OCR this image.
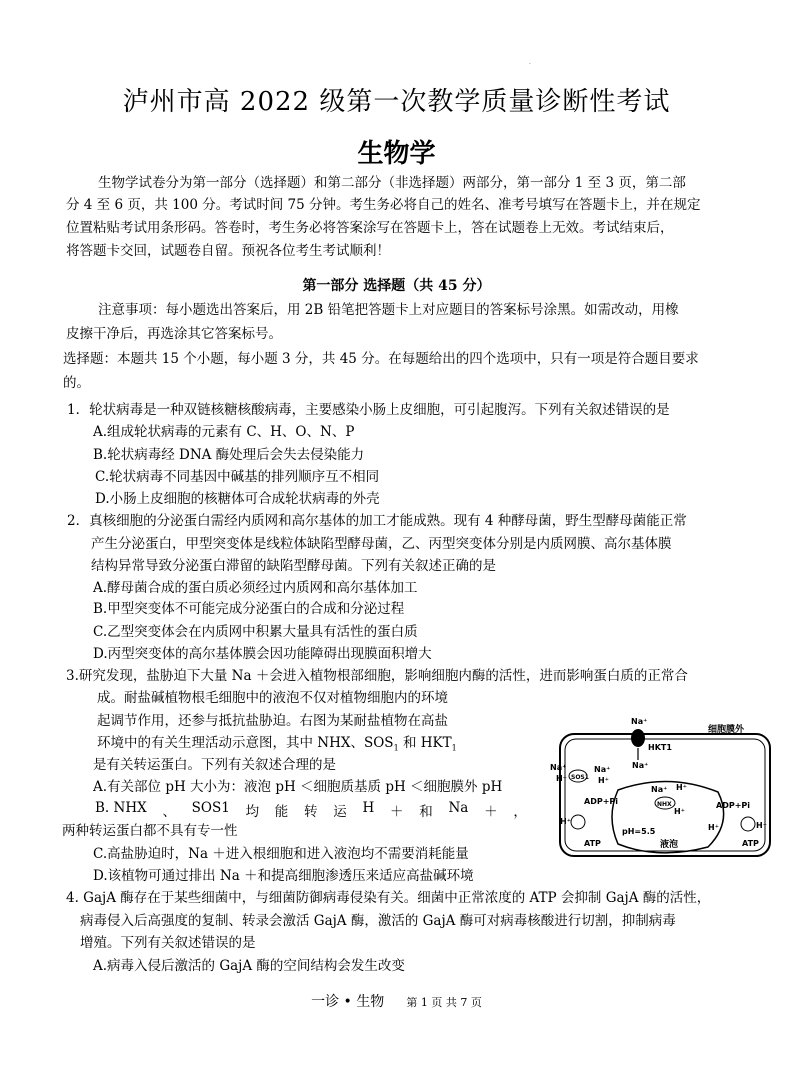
.
泸州市高 2022 级第一次教学质量诊断性考试
生物学
生物学试卷分为第一部分（选择题）和第二部分（非选择题）两部分，第一部分 1 至 3 页，第二部
分 4 至 6 页，共 100 分。考试时间 75 分钟。考生务必将自己的姓名、准考号填写在答题卡上，并在规定
位置粘贴考试用条形码。答卷时，考生务必将答案涂写在答题卡上，答在试题卷上无效。考试结束后，
将答题卡交回，试题卷自留。预祝各位考生考试顺利！
第一部分 选择题（共 45 分）
注意事项：每小题选出答案后，用 2B 铅笔把答题卡上对应题目的答案标号涂黑。如需改动，用橡
皮擦干净后，再选涂其它答案标号。
选择题：本题共 15 个小题，每小题 3 分，共 45 分。在每题给出的四个选项中，只有一项是符合题目要求
的。
1．轮状病毒是一种双链核糖核酸病毒，主要感染小肠上皮细胞，可引起腹泻。下列有关叙述错误的是
A.组成轮状病毒的元素有 C、H、O、N、P
B.轮状病毒经 DNA 酶处理后会失去侵染能力
C.轮状病毒不同基因中碱基的排列顺序互不相同
D.小肠上皮细胞的核糖体可合成轮状病毒的外壳
2．真核细胞的分泌蛋白需经内质网和高尔基体的加工才能成熟。现有 4 种酵母菌，野生型酵母菌能正常
产生分泌蛋白，甲型突变体是线粒体缺陷型酵母菌，乙、丙型突变体分别是内质网膜、高尔基体膜
结构异常导致分泌蛋白滞留的缺陷型酵母菌。下列有关叙述正确的是
A.酵母菌合成的蛋白质必须经过内质网和高尔基体加工
B.甲型突变体不可能完成分泌蛋白的合成和分泌过程
C.乙型突变体会在内质网中积累大量具有活性的蛋白质
D.丙型突变体的高尔基体膜会因功能障碍出现膜面积增大
3.研究发现，盐胁迫下大量 Na ＋会进入植物根部细胞，影响细胞内酶的活性，进而影响蛋白质的正常合
成。耐盐碱植物根毛细胞中的液泡不仅对植物细胞内的环境
起调节作用，还参与抵抗盐胁迫。右图为某耐盐植物在高盐
环境中的有关生理活动示意图，其中 NHX、$SOS_1$ 和 $HKT_1$
是有关转运蛋白。下列有关叙述合理的是
A.有关部位 pH 大小为：液泡 pH ＜细胞质基质 pH ＜细胞膜外 pH
B. NHX 、 SOS1 均 能 转 运 H ＋ 和 Na ＋ ，
两种转运蛋白都不具有专一性
C.高盐胁迫时，Na ＋进入根细胞和进入液泡均不需要消耗能量
D.该植物可通过排出 Na ＋和提高细胞渗透压来适应高盐碱环境
细胞膜外
Na⁺
HKT1
Na⁺
Na⁺
H⁺ SOS1
Na⁺
H⁺
ADP+Pi
H⁺
ATP
Na⁺ H⁺
NHX
H⁺
pH=5.5
液泡
ADP+Pi
H⁺	H⁺
ATP
4. GajA 酶存在于某些细菌中，与细菌防御病毒侵染有关。细菌中正常浓度的 ATP 会抑制 GajA 酶的活性，
病毒侵入后高强度的复制、转录会激活 GajA 酶，激活的 GajA 酶可对病毒核酸进行切割，抑制病毒
增殖。下列有关叙述错误的是
A.病毒入侵后激活的 GajA 酶的空间结构会发生改变
一诊 • 生物 第 1 页 共 7 页
